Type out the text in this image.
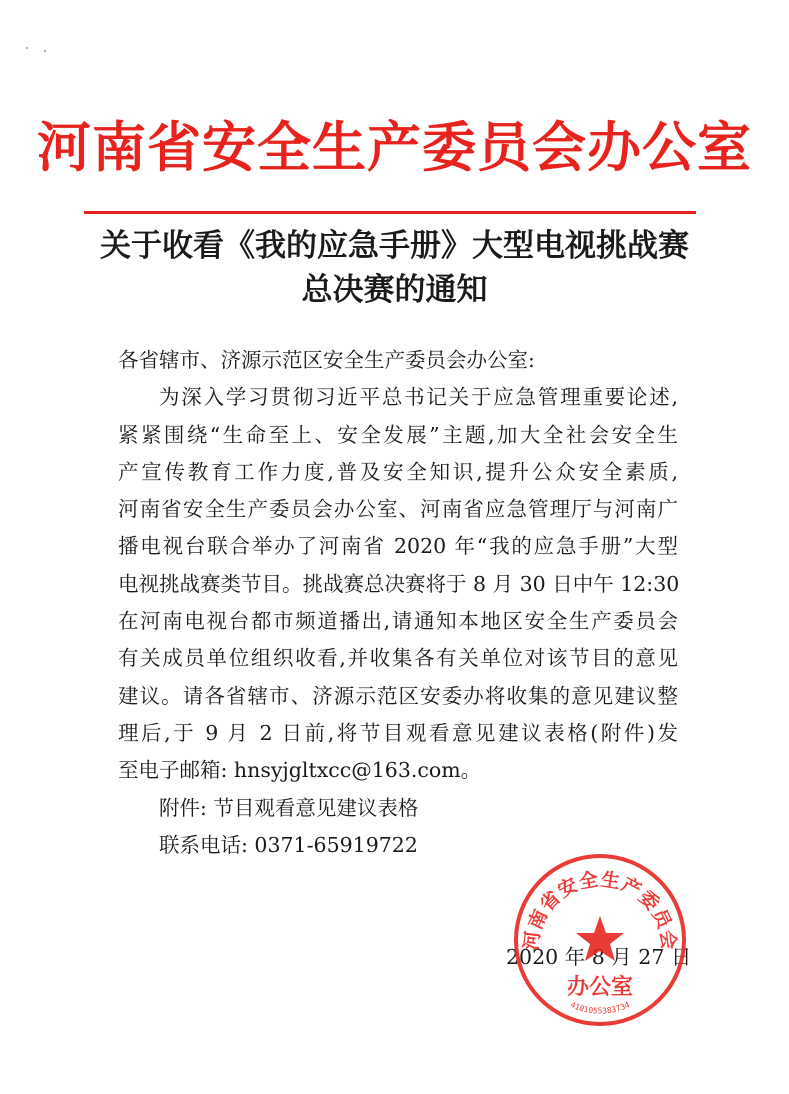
河南省安全生产委员会办公室
关于收看《我的应急手册》大型电视挑战赛
总决赛的通知
各省辖市、济源示范区安全生产委员会办公室:
为深入学习贯彻习近平总书记关于应急管理重要论述,
紧紧围绕“生命至上、安全发展”主题,加大全社会安全生
产宣传教育工作力度,普及安全知识,提升公众安全素质,
河南省安全生产委员会办公室、河南省应急管理厅与河南广
播电视台联合举办了河南省 2020 年“我的应急手册”大型
电视挑战赛类节目。挑战赛总决赛将于 8 月 30 日中午 12:30
在河南电视台都市频道播出,请通知本地区安全生产委员会
有关成员单位组织收看,并收集各有关单位对该节目的意见
建议。请各省辖市、济源示范区安委办将收集的意见建议整
理后,于 9 月 2 日前,将节目观看意见建议表格(附件)发
至电子邮箱: hnsyjgltxcc@163.com。
附件: 节目观看意见建议表格
联系电话: 0371-65919722
2020 年 8 月 27 日
河南省安全生产委员会
办公室
4101055383734
